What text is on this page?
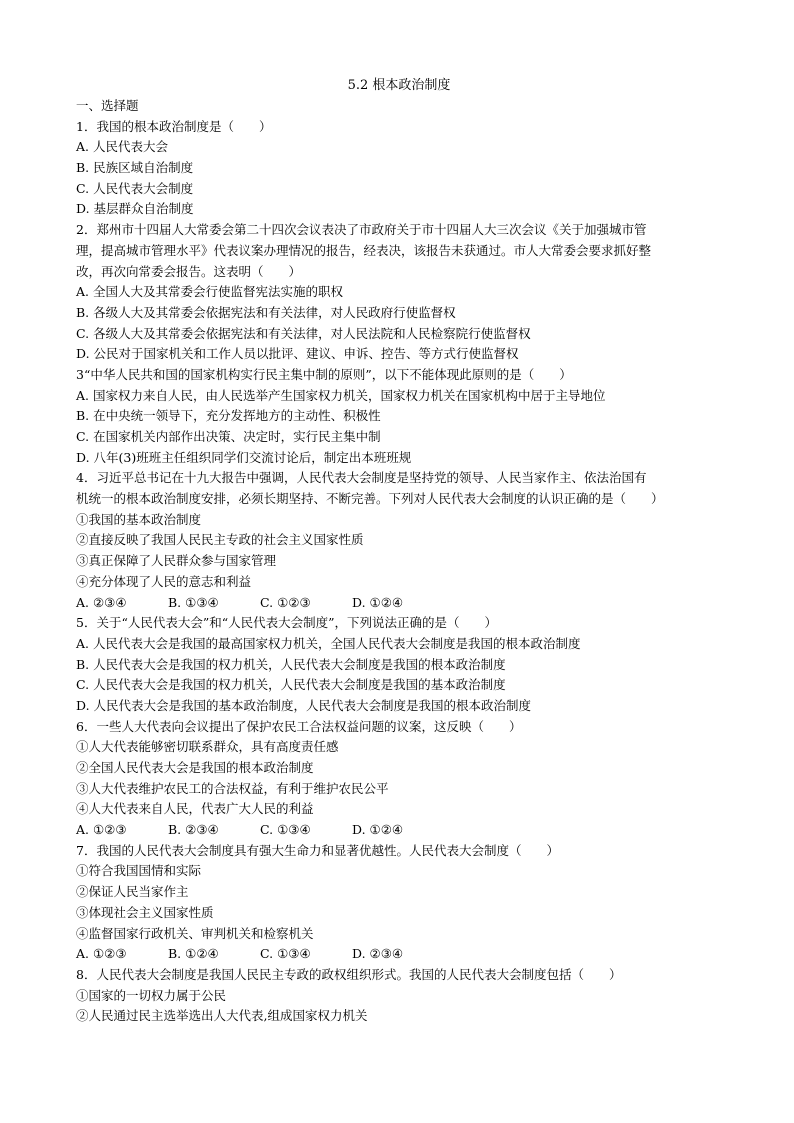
5.2 根本政治制度
一、选择题
1．我国的根本政治制度是（　　）
A. 人民代表大会
B. 民族区域自治制度
C. 人民代表大会制度
D. 基层群众自治制度
2．郑州市十四届人大常委会第二十四次会议表决了市政府关于市十四届人大三次会议《关于加强城市管
理，提高城市管理水平》代表议案办理情况的报告，经表决，该报告未获通过。市人大常委会要求抓好整
改，再次向常委会报告。这表明（　　）
A. 全国人大及其常委会行使监督宪法实施的职权
B. 各级人大及其常委会依据宪法和有关法律，对人民政府行使监督权
C. 各级人大及其常委会依据宪法和有关法律，对人民法院和人民检察院行使监督权
D. 公民对于国家机关和工作人员以批评、建议、申诉、控告、等方式行使监督权
3“中华人民共和国的国家机构实行民主集中制的原则”，以下不能体现此原则的是（　　）
A. 国家权力来自人民，由人民选举产生国家权力机关，国家权力机关在国家机构中居于主导地位
B. 在中央统一领导下，充分发挥地方的主动性、积极性
C. 在国家机关内部作出决策、决定时，实行民主集中制
D. 八年(3)班班主任组织同学们交流讨论后，制定出本班班规
4．习近平总书记在十九大报告中强调，人民代表大会制度是坚持党的领导、人民当家作主、依法治国有
机统一的根本政治制度安排，必须长期坚持、不断完善。下列对人民代表大会制度的认识正确的是（　　）
①我国的基本政治制度
②直接反映了我国人民民主专政的社会主义国家性质
③真正保障了人民群众参与国家管理
④充分体现了人民的意志和利益
A. ②③④	B. ①③④	C. ①②③	D. ①②④
5．关于“人民代表大会”和“人民代表大会制度”，下列说法正确的是（　　）
A. 人民代表大会是我国的最高国家权力机关，全国人民代表大会制度是我国的根本政治制度
B. 人民代表大会是我国的权力机关，人民代表大会制度是我国的根本政治制度
C. 人民代表大会是我国的权力机关，人民代表大会制度是我国的基本政治制度
D. 人民代表大会是我国的基本政治制度，人民代表大会制度是我国的根本政治制度
6．一些人大代表向会议提出了保护农民工合法权益问题的议案，这反映（　　）
①人大代表能够密切联系群众，具有高度责任感
②全国人民代表大会是我国的根本政治制度
③人大代表维护农民工的合法权益，有利于维护农民公平
④人大代表来自人民，代表广大人民的利益
A. ①②③	B. ②③④	C. ①③④	D. ①②④
7．我国的人民代表大会制度具有强大生命力和显著优越性。人民代表大会制度（　　）
①符合我国国情和实际
②保证人民当家作主
③体现社会主义国家性质
④监督国家行政机关、审判机关和检察机关
A. ①②③	B. ①②④	C. ①③④	D. ②③④
8．人民代表大会制度是我国人民民主专政的政权组织形式。我国的人民代表大会制度包括（　　）
①国家的一切权力属于公民
②人民通过民主选举选出人大代表,组成国家权力机关
